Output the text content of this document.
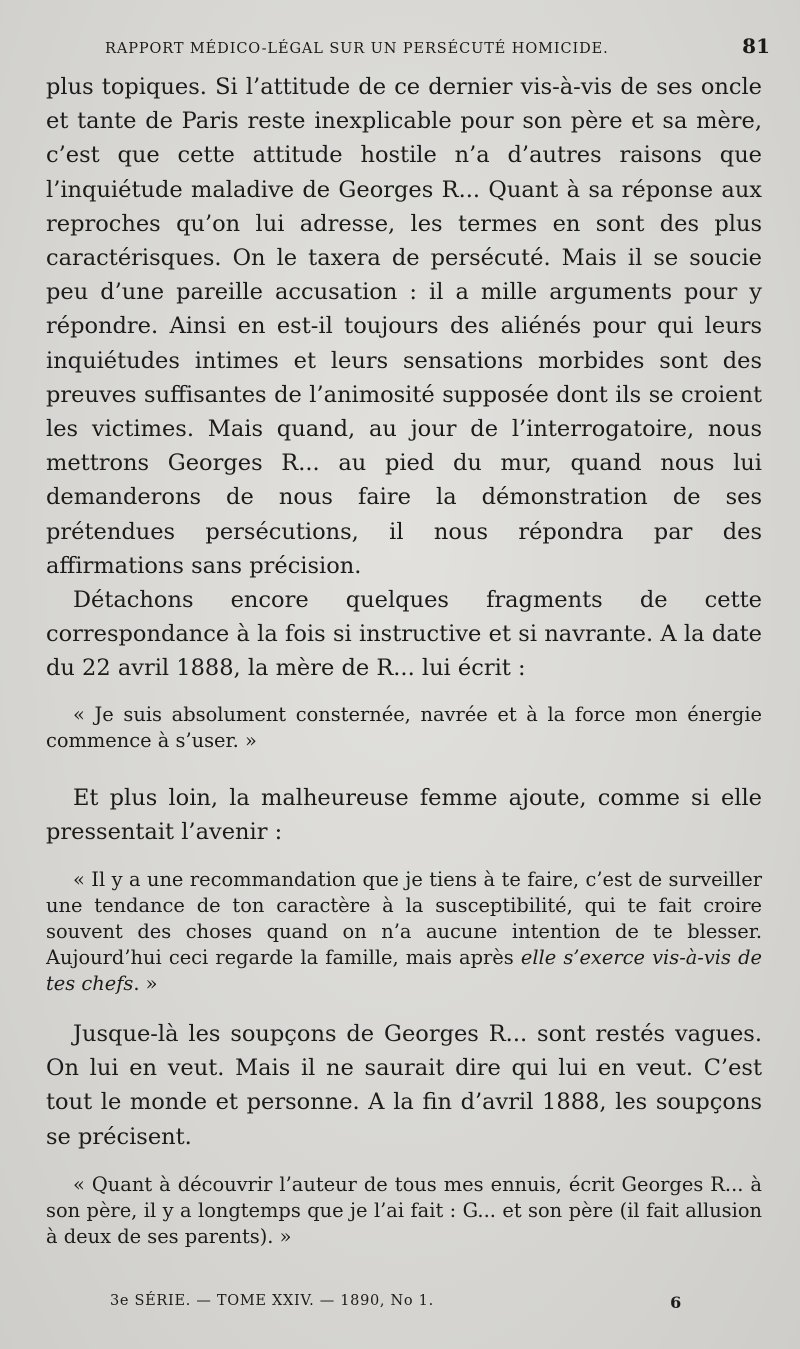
RAPPORT MÉDICO-LÉGAL SUR UN PERSÉCUTÉ HOMICIDE.	81

plus topiques. Si l’attitude de ce dernier vis-à-vis de ses oncle et tante de Paris reste inexplicable pour son père et sa mère, c’est que cette attitude hostile n’a d’autres raisons que l’inquiétude maladive de Georges R... Quant à sa réponse aux reproches qu’on lui adresse, les termes en sont des plus caractérisques. On le taxera de persécuté. Mais il se soucie peu d’une pareille accusation : il a mille arguments pour y répondre. Ainsi en est-il toujours des aliénés pour qui leurs inquiétudes intimes et leurs sensations morbides sont des preuves suffisantes de l’animosité supposée dont ils se croient les victimes. Mais quand, au jour de l’interrogatoire, nous mettrons Georges R... au pied du mur, quand nous lui demanderons de nous faire la démonstration de ses prétendues persécutions, il nous répondra par des affirmations sans précision.

Détachons encore quelques fragments de cette correspondance à la fois si instructive et si navrante. A la date du 22 avril 1888, la mère de R... lui écrit :

« Je suis absolument consternée, navrée et à la force mon énergie commence à s’user. »

Et plus loin, la malheureuse femme ajoute, comme si elle pressentait l’avenir :

« Il y a une recommandation que je tiens à te faire, c’est de surveiller une tendance de ton caractère à la susceptibilité, qui te fait croire souvent des choses quand on n’a aucune intention de te blesser. Aujourd’hui ceci regarde la famille, mais après elle s’exerce vis-à-vis de tes chefs. »

Jusque-là les soupçons de Georges R... sont restés vagues. On lui en veut. Mais il ne saurait dire qui lui en veut. C’est tout le monde et personne. A la fin d’avril 1888, les soupçons se précisent.

« Quant à découvrir l’auteur de tous mes ennuis, écrit Georges R... à son père, il y a longtemps que je l’ai fait : G... et son père (il fait allusion à deux de ses parents). »

3e SÉRIE. — TOME XXIV. — 1890, No 1.	6
